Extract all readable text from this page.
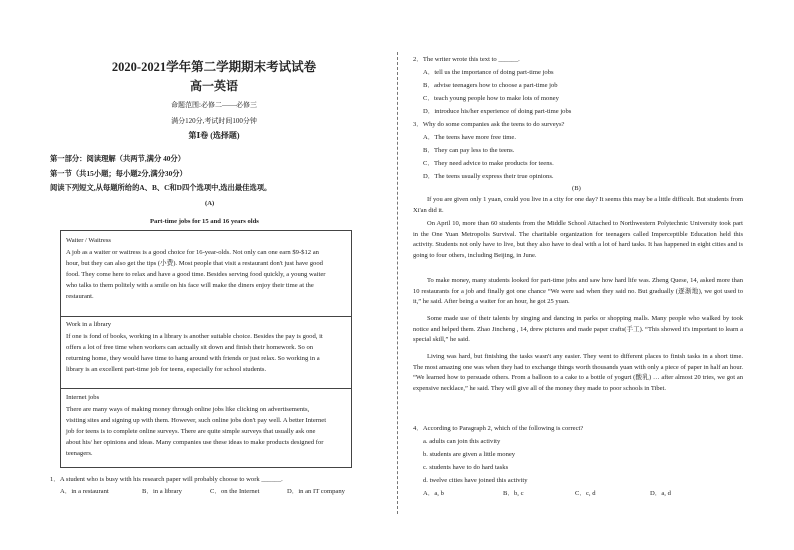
2020-2021学年第二学期期末考试试卷
高一英语
命题范围:必修二——必修三
满分120分,考试时间100分钟
第Ⅰ卷 (选择题)
第一部分：阅读理解（共两节,满分 40分）
第一节（共15小题；每小题2分,满分30分）
阅读下列短文,从每题所给的A、B、C和D四个选项中,选出最佳选项。
(A)
Part-time jobs for 15 and 16 years olds
Waiter / Waitress
A job as a waiter or waitress is a good choice for 16-year-olds. Not only can one earn $9-$12 an
hour, but they can also get the tips (小费). Most people that visit a restaurant don't just have good
food. They come here to relax and have a good time. Besides serving food quickly, a young waiter
who talks to them politely with a smile on his face will make the diners enjoy their time at the
restaurant.
Work in a library
If one is fond of books, working in a library is another suitable choice. Besides the pay is good, it
offers a lot of free time when workers can actually sit down and finish their homework. So on
returning home, they would have time to hang around with friends or just relax. So working in a
library is an excellent part-time job for teens, especially for school students.
Internet jobs
There are many ways of making money through online jobs like clicking on advertisements,
visiting sites and signing up with them. However, such online jobs don't pay well. A better Internet
job for teens is to complete online surveys. There are quite simple surveys that usually ask one
about his/ her opinions and ideas. Many companies use these ideas to make products designed for
teenagers.
1．A student who is busy with his research paper will probably choose to work ______.
A．in a restaurant	B．in a library	C．on the Internet	D．in an IT company
2．The writer wrote this text to ______.
A．tell us the importance of doing part-time jobs
B．advise teenagers how to choose a part-time job
C．teach young people how to make lots of money
D．introduce his/her experience of doing part-time jobs
3．Why do some companies ask the teens to do surveys?
A．The teens have more free time.
B．They can pay less to the teens.
C．They need advice to make products for teens.
D．The teens usually express their true opinions.
(B)
If you are given only 1 yuan, could you live in a city for one day? It seems this may be a little difficult. But students from Xi'an did it.
On April 10, more than 60 students from the Middle School Attached to Northwestern Polytechnic University took part in the One Yuan Metropolis Survival. The charitable organization for teenagers called Imperceptible Education held this activity. Students not only have to live, but they also have to deal with a lot of hard tasks. It has happened in eight cities and is going to four others, including Beijing, in June.
To make money, many students looked for part-time jobs and saw how hard life was. Zheng Quese, 14, asked more than 10 restaurants for a job and finally got one chance “We were sad when they said no. But gradually (逐渐地), we got used to it,” he said. After being a waiter for an hour, he got 25 yuan.
Some made use of their talents by singing and dancing in parks or shopping malls. Many people who walked by took notice and helped them. Zhao Jincheng , 14, drew pictures and made paper crafts(手工). “This showed it's important to learn a special skill,” he said.
Living was hard, but finishing the tasks wasn't any easier. They went to different places to finish tasks in a short time. The most amazing one was when they had to exchange things worth thousands yuan with only a piece of paper in half an hour. “We learned how to persuade others. From a balloon to a cake to a bottle of yogurt (酸乳) … after almost 20 tries, we got an expensive necklace,” he said. They will give all of the money they made to poor schools in Tibet.
4．According to Paragraph 2, which of the following is correct?
a. adults can join this activity
b. students are given a little money
c. students have to do hard tasks
d. twelve cities have joined this activity
A．a, b	B．b, c	C．c, d	D．a, d
